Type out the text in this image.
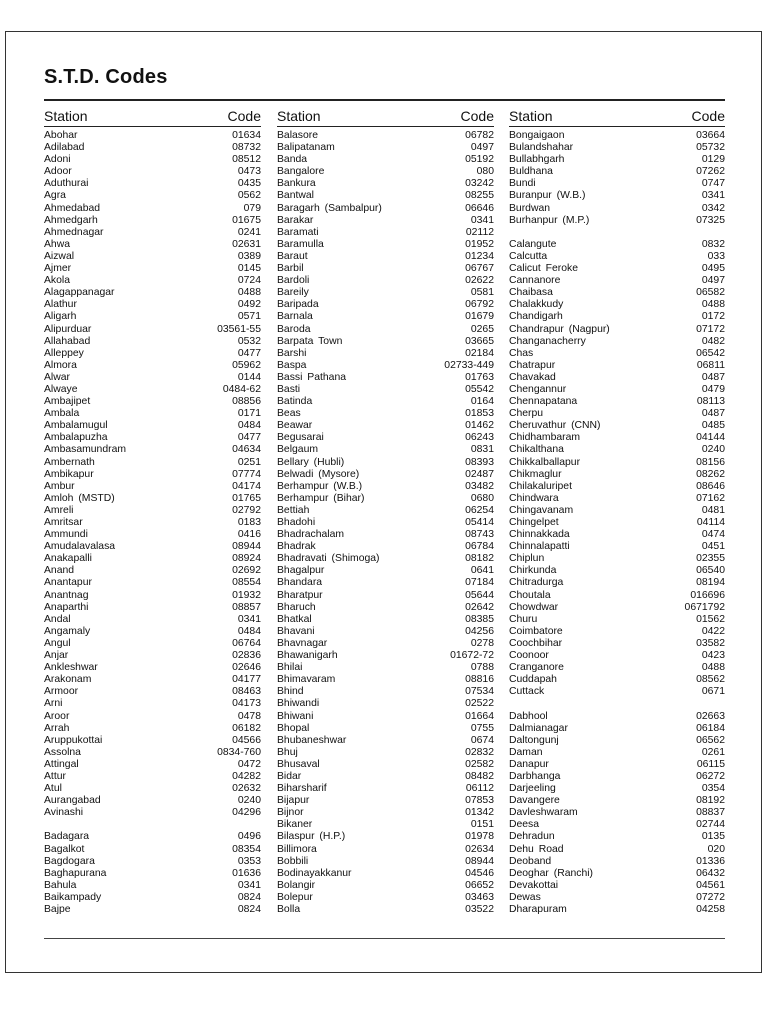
S.T.D. Codes
Station	Code
Abohar	01634
Adilabad	08732
Adoni	08512
Adoor	0473
Aduthurai	0435
Agra	0562
Ahmedabad	079
Ahmedgarh	01675
Ahmednagar	0241
Ahwa	02631
Aizwal	0389
Ajmer	0145
Akola	0724
Alagappanagar	0488
Alathur	0492
Aligarh	0571
Alipurduar	03561-55
Allahabad	0532
Alleppey	0477
Almora	05962
Alwar	0144
Alwaye	0484-62
Ambajipet	08856
Ambala	0171
Ambalamugul	0484
Ambalapuzha	0477
Ambasamundram	04634
Ambernath	0251
Ambikapur	07774
Ambur	04174
Amloh (MSTD)	01765
Amreli	02792
Amritsar	0183
Ammundi	0416
Amudalavalasa	08944
Anakapalli	08924
Anand	02692
Anantapur	08554
Anantnag	01932
Anaparthi	08857
Andal	0341
Angamaly	0484
Angul	06764
Anjar	02836
Ankleshwar	02646
Arakonam	04177
Armoor	08463
Arni	04173
Aroor	0478
Arrah	06182
Aruppukottai	04566
Assolna	0834-760
Attingal	0472
Attur	04282
Atul	02632
Aurangabad	0240
Avinashi	04296
Badagara	0496
Bagalkot	08354
Bagdogara	0353
Baghapurana	01636
Bahula	0341
Baikampady	0824
Bajpe	0824
Station	Code
Balasore	06782
Balipatanam	0497
Banda	05192
Bangalore	080
Bankura	03242
Bantwal	08255
Baragarh (Sambalpur)	06646
Barakar	0341
Baramati	02112
Baramulla	01952
Baraut	01234
Barbil	06767
Bardoli	02622
Bareily	0581
Baripada	06792
Barnala	01679
Baroda	0265
Barpata Town	03665
Barshi	02184
Baspa	02733-449
Bassi Pathana	01763
Basti	05542
Batinda	0164
Beas	01853
Beawar	01462
Begusarai	06243
Belgaum	0831
Bellary (Hubli)	08393
Belwadi (Mysore)	02487
Berhampur (W.B.)	03482
Berhampur (Bihar)	0680
Bettiah	06254
Bhadohi	05414
Bhadrachalam	08743
Bhadrak	06784
Bhadravati (Shimoga)	08182
Bhagalpur	0641
Bhandara	07184
Bharatpur	05644
Bharuch	02642
Bhatkal	08385
Bhavani	04256
Bhavnagar	0278
Bhawanigarh	01672-72
Bhilai	0788
Bhimavaram	08816
Bhind	07534
Bhiwandi	02522
Bhiwani	01664
Bhopal	0755
Bhubaneshwar	0674
Bhuj	02832
Bhusaval	02582
Bidar	08482
Biharsharif	06112
Bijapur	07853
Bijnor	01342
Bikaner	0151
Bilaspur (H.P.)	01978
Billimora	02634
Bobbili	08944
Bodinayakkanur	04546
Bolangir	06652
Bolepur	03463
Bolla	03522
Station	Code
Bongaigaon	03664
Bulandshahar	05732
Bullabhgarh	0129
Buldhana	07262
Bundi	0747
Buranpur (W.B.)	0341
Burdwan	0342
Burhanpur (M.P.)	07325
Calangute	0832
Calcutta	033
Calicut Feroke	0495
Cannanore	0497
Chaibasa	06582
Chalakkudy	0488
Chandigarh	0172
Chandrapur (Nagpur)	07172
Changanacherry	0482
Chas	06542
Chatrapur	06811
Chavakad	0487
Chengannur	0479
Chennapatana	08113
Cherpu	0487
Cheruvathur (CNN)	0485
Chidhambaram	04144
Chikalthana	0240
Chikkalballapur	08156
Chikmaglur	08262
Chilakaluripet	08646
Chindwara	07162
Chingavanam	0481
Chingelpet	04114
Chinnakkada	0474
Chinnalapatti	0451
Chiplun	02355
Chirkunda	06540
Chitradurga	08194
Choutala	016696
Chowdwar	0671792
Churu	01562
Coimbatore	0422
Coochbihar	03582
Coonoor	0423
Cranganore	0488
Cuddapah	08562
Cuttack	0671
Dabhool	02663
Dalmianagar	06184
Daltongunj	06562
Daman	0261
Danapur	06115
Darbhanga	06272
Darjeeling	0354
Davangere	08192
Davleshwaram	08837
Deesa	02744
Dehradun	0135
Dehu Road	020
Deoband	01336
Deoghar (Ranchi)	06432
Devakottai	04561
Dewas	07272
Dharapuram	04258
